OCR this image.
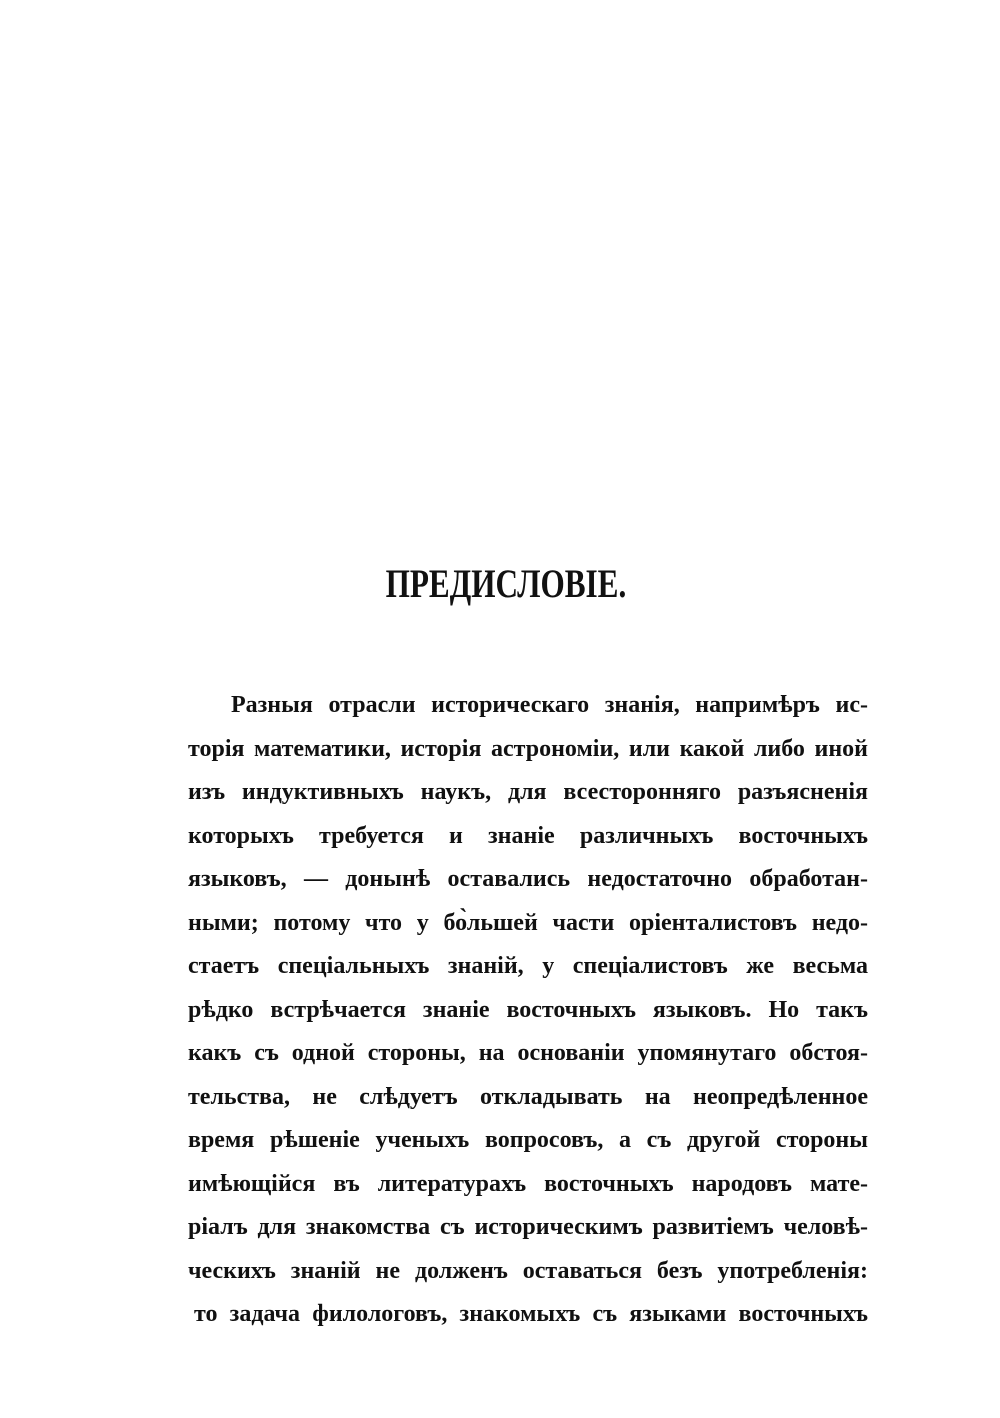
ПРЕДИСЛОВІЕ.
Разныя отрасли историческаго знанія, напримѣръ ис-
торія математики, исторія астрономіи, или какой либо иной
изъ индуктивныхъ наукъ, для всесторонняго разъясненія
которыхъ требуется и знаніе различныхъ восточныхъ
языковъ, — донынѣ оставались недостаточно обработан-
ными; потому что у бо̀льшей части оріенталистовъ недо-
стаетъ спеціальныхъ знаній, у спеціалистовъ же весьма
рѣдко встрѣчается знаніе восточныхъ языковъ. Но такъ
какъ съ одной стороны, на основаніи упомянутаго обстоя-
тельства, не слѣдуетъ откладывать на неопредѣленное
время рѣшеніе ученыхъ вопросовъ, а съ другой стороны
имѣющійся въ литературахъ восточныхъ народовъ мате-
ріалъ для знакомства съ историческимъ развитіемъ человѣ-
ческихъ знаній не долженъ оставаться безъ употребленія:
то задача филологовъ, знакомыхъ съ языками восточныхъ
